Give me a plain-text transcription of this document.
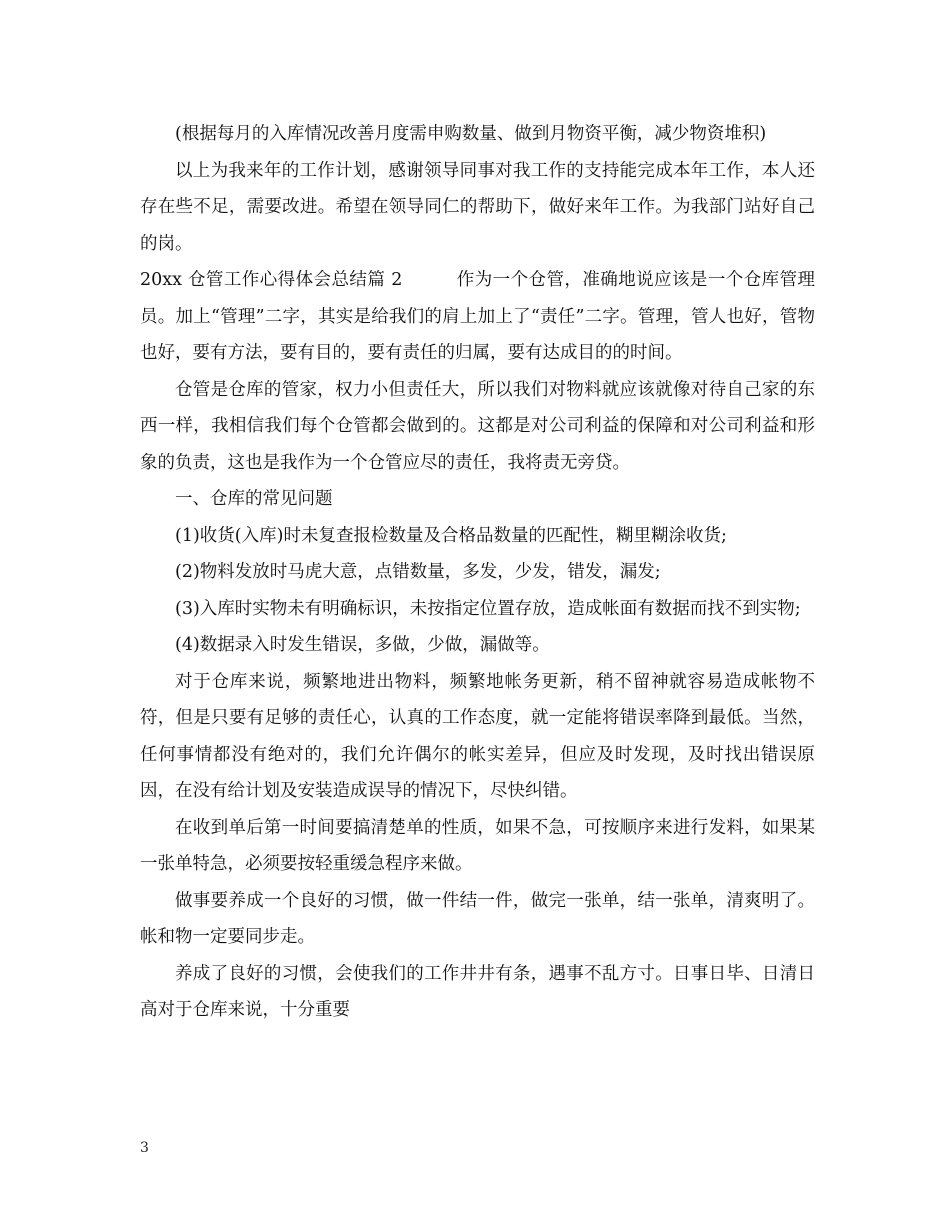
(根据每月的入库情况改善月度需申购数量、做到月物资平衡，减少物资堆积)

以上为我来年的工作计划，感谢领导同事对我工作的支持能完成本年工作，本人还存在些不足，需要改进。希望在领导同仁的帮助下，做好来年工作。为我部门站好自己的岗。

20xx 仓管工作心得体会总结篇 2	作为一个仓管，准确地说应该是一个仓库管理员。加上“管理”二字，其实是给我们的肩上加上了“责任”二字。管理，管人也好，管物也好，要有方法，要有目的，要有责任的归属，要有达成目的的时间。

仓管是仓库的管家，权力小但责任大，所以我们对物料就应该就像对待自己家的东西一样，我相信我们每个仓管都会做到的。这都是对公司利益的保障和对公司利益和形象的负责，这也是我作为一个仓管应尽的责任，我将责无旁贷。

一、仓库的常见问题

(1)收货(入库)时未复查报检数量及合格品数量的匹配性，糊里糊涂收货;

(2)物料发放时马虎大意，点错数量，多发，少发，错发，漏发;

(3)入库时实物未有明确标识，未按指定位置存放，造成帐面有数据而找不到实物;

(4)数据录入时发生错误，多做，少做，漏做等。

对于仓库来说，频繁地进出物料，频繁地帐务更新，稍不留神就容易造成帐物不符，但是只要有足够的责任心，认真的工作态度，就一定能将错误率降到最低。当然，任何事情都没有绝对的，我们允许偶尔的帐实差异，但应及时发现，及时找出错误原因，在没有给计划及安装造成误导的情况下，尽快纠错。

在收到单后第一时间要搞清楚单的性质，如果不急，可按顺序来进行发料，如果某一张单特急，必须要按轻重缓急程序来做。

做事要养成一个良好的习惯，做一件结一件，做完一张单，结一张单，清爽明了。帐和物一定要同步走。

养成了良好的习惯，会使我们的工作井井有条，遇事不乱方寸。日事日毕、日清日高对于仓库来说，十分重要

3
